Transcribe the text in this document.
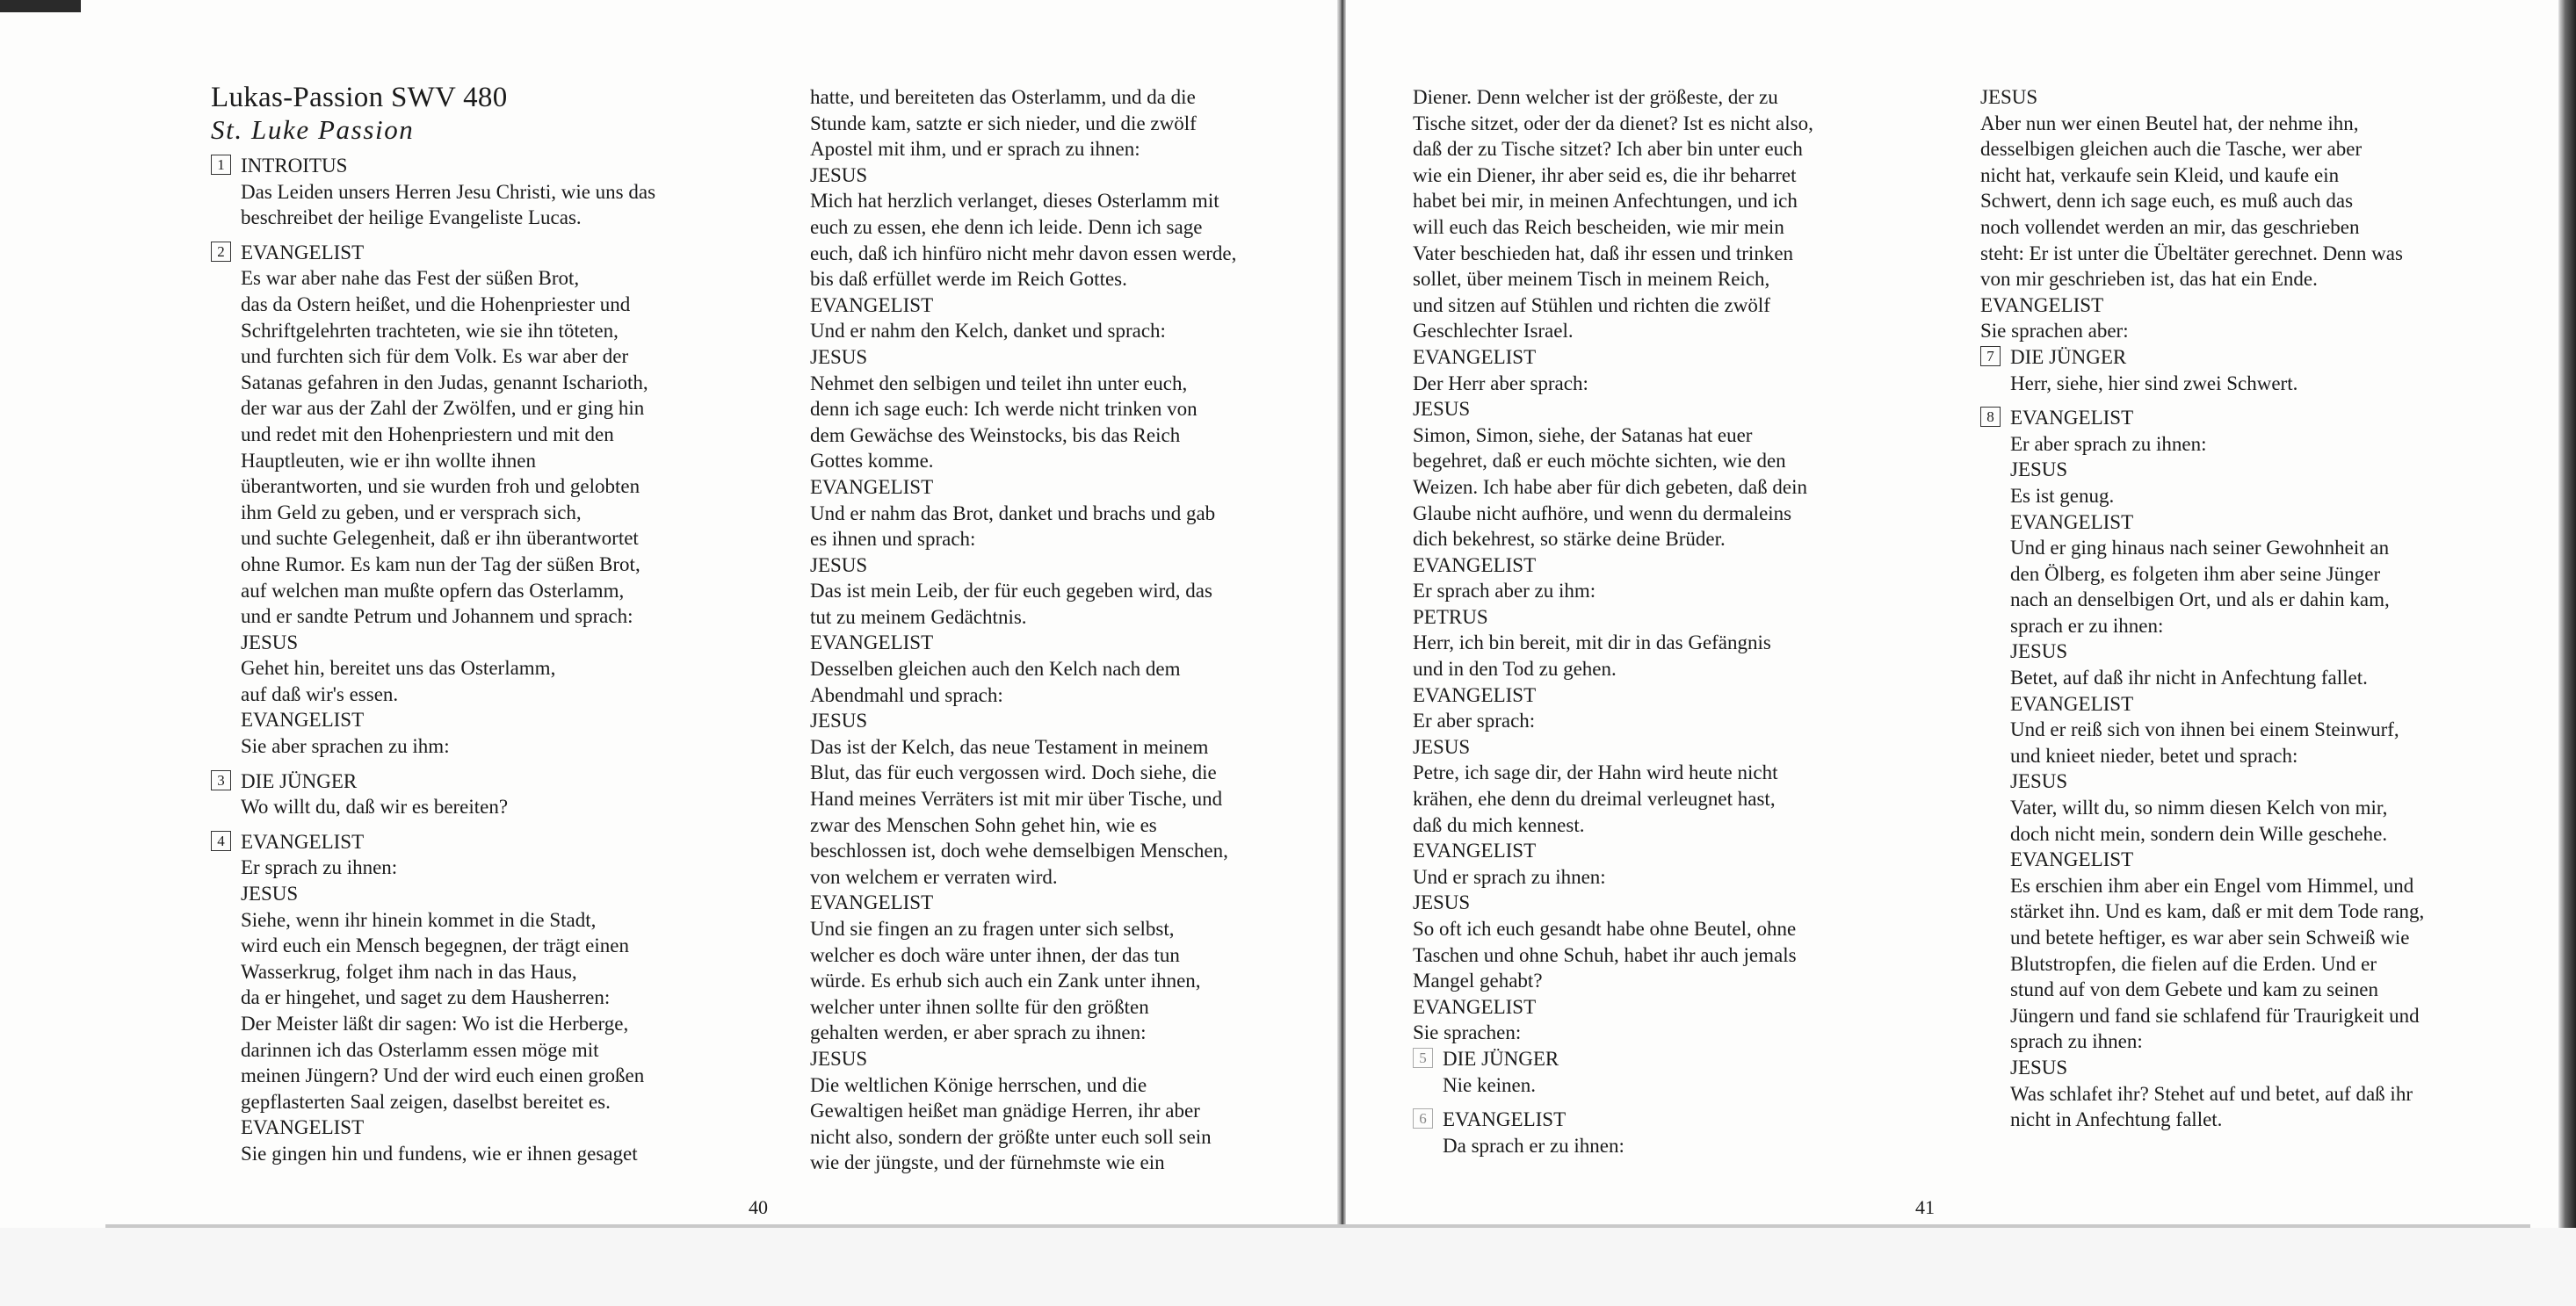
Lukas-Passion SWV 480
St. Luke Passion
1 INTROITUS
Das Leiden unsers Herren Jesu Christi, wie uns das
beschreibet der heilige Evangeliste Lucas.
2 EVANGELIST
Es war aber nahe das Fest der süßen Brot,
das da Ostern heißet, und die Hohenpriester und
Schriftgelehrten trachteten, wie sie ihn töteten,
und furchten sich für dem Volk. Es war aber der
Satanas gefahren in den Judas, genannt Ischarioth,
der war aus der Zahl der Zwölfen, und er ging hin
und redet mit den Hohenpriestern und mit den
Hauptleuten, wie er ihn wollte ihnen
überantworten, und sie wurden froh und gelobten
ihm Geld zu geben, und er versprach sich,
und suchte Gelegenheit, daß er ihn überantwortet
ohne Rumor. Es kam nun der Tag der süßen Brot,
auf welchen man mußte opfern das Osterlamm,
und er sandte Petrum und Johannem und sprach:
JESUS
Gehet hin, bereitet uns das Osterlamm,
auf daß wir's essen.
EVANGELIST
Sie aber sprachen zu ihm:
3 DIE JÜNGER
Wo willt du, daß wir es bereiten?
4 EVANGELIST
Er sprach zu ihnen:
JESUS
Siehe, wenn ihr hinein kommet in die Stadt,
wird euch ein Mensch begegnen, der trägt einen
Wasserkrug, folget ihm nach in das Haus,
da er hingehet, und saget zu dem Hausherren:
Der Meister läßt dir sagen: Wo ist die Herberge,
darinnen ich das Osterlamm essen möge mit
meinen Jüngern? Und der wird euch einen großen
gepflasterten Saal zeigen, daselbst bereitet es.
EVANGELIST
Sie gingen hin und fundens, wie er ihnen gesaget
hatte, und bereiteten das Osterlamm, und da die
Stunde kam, satzte er sich nieder, und die zwölf
Apostel mit ihm, und er sprach zu ihnen:
JESUS
Mich hat herzlich verlanget, dieses Osterlamm mit
euch zu essen, ehe denn ich leide. Denn ich sage
euch, daß ich hinfüro nicht mehr davon essen werde,
bis daß erfüllet werde im Reich Gottes.
EVANGELIST
Und er nahm den Kelch, danket und sprach:
JESUS
Nehmet den selbigen und teilet ihn unter euch,
denn ich sage euch: Ich werde nicht trinken von
dem Gewächse des Weinstocks, bis das Reich
Gottes komme.
EVANGELIST
Und er nahm das Brot, danket und brachs und gab
es ihnen und sprach:
JESUS
Das ist mein Leib, der für euch gegeben wird, das
tut zu meinem Gedächtnis.
EVANGELIST
Desselben gleichen auch den Kelch nach dem
Abendmahl und sprach:
JESUS
Das ist der Kelch, das neue Testament in meinem
Blut, das für euch vergossen wird. Doch siehe, die
Hand meines Verräters ist mit mir über Tische, und
zwar des Menschen Sohn gehet hin, wie es
beschlossen ist, doch wehe demselbigen Menschen,
von welchem er verraten wird.
EVANGELIST
Und sie fingen an zu fragen unter sich selbst,
welcher es doch wäre unter ihnen, der das tun
würde. Es erhub sich auch ein Zank unter ihnen,
welcher unter ihnen sollte für den größten
gehalten werden, er aber sprach zu ihnen:
JESUS
Die weltlichen Könige herrschen, und die
Gewaltigen heißet man gnädige Herren, ihr aber
nicht also, sondern der größte unter euch soll sein
wie der jüngste, und der fürnehmste wie ein
Diener. Denn welcher ist der größeste, der zu
Tische sitzet, oder der da dienet? Ist es nicht also,
daß der zu Tische sitzet? Ich aber bin unter euch
wie ein Diener, ihr aber seid es, die ihr beharret
habet bei mir, in meinen Anfechtungen, und ich
will euch das Reich bescheiden, wie mir mein
Vater beschieden hat, daß ihr essen und trinken
sollet, über meinem Tisch in meinem Reich,
und sitzen auf Stühlen und richten die zwölf
Geschlechter Israel.
EVANGELIST
Der Herr aber sprach:
JESUS
Simon, Simon, siehe, der Satanas hat euer
begehret, daß er euch möchte sichten, wie den
Weizen. Ich habe aber für dich gebeten, daß dein
Glaube nicht aufhöre, und wenn du dermaleins
dich bekehrest, so stärke deine Brüder.
EVANGELIST
Er sprach aber zu ihm:
PETRUS
Herr, ich bin bereit, mit dir in das Gefängnis
und in den Tod zu gehen.
EVANGELIST
Er aber sprach:
JESUS
Petre, ich sage dir, der Hahn wird heute nicht
krähen, ehe denn du dreimal verleugnet hast,
daß du mich kennest.
EVANGELIST
Und er sprach zu ihnen:
JESUS
So oft ich euch gesandt habe ohne Beutel, ohne
Taschen und ohne Schuh, habet ihr auch jemals
Mangel gehabt?
EVANGELIST
Sie sprachen:
5 DIE JÜNGER
Nie keinen.
6 EVANGELIST
Da sprach er zu ihnen:
JESUS
Aber nun wer einen Beutel hat, der nehme ihn,
desselbigen gleichen auch die Tasche, wer aber
nicht hat, verkaufe sein Kleid, und kaufe ein
Schwert, denn ich sage euch, es muß auch das
noch vollendet werden an mir, das geschrieben
steht: Er ist unter die Übeltäter gerechnet. Denn was
von mir geschrieben ist, das hat ein Ende.
EVANGELIST
Sie sprachen aber:
7 DIE JÜNGER
Herr, siehe, hier sind zwei Schwert.
8 EVANGELIST
Er aber sprach zu ihnen:
JESUS
Es ist genug.
EVANGELIST
Und er ging hinaus nach seiner Gewohnheit an
den Ölberg, es folgeten ihm aber seine Jünger
nach an denselbigen Ort, und als er dahin kam,
sprach er zu ihnen:
JESUS
Betet, auf daß ihr nicht in Anfechtung fallet.
EVANGELIST
Und er reiß sich von ihnen bei einem Steinwurf,
und knieet nieder, betet und sprach:
JESUS
Vater, willt du, so nimm diesen Kelch von mir,
doch nicht mein, sondern dein Wille geschehe.
EVANGELIST
Es erschien ihm aber ein Engel vom Himmel, und
stärket ihn. Und es kam, daß er mit dem Tode rang,
und betete heftiger, es war aber sein Schweiß wie
Blutstropfen, die fielen auf die Erden. Und er
stund auf von dem Gebete und kam zu seinen
Jüngern und fand sie schlafend für Traurigkeit und
sprach zu ihnen:
JESUS
Was schlafet ihr? Stehet auf und betet, auf daß ihr
nicht in Anfechtung fallet.
40	41
